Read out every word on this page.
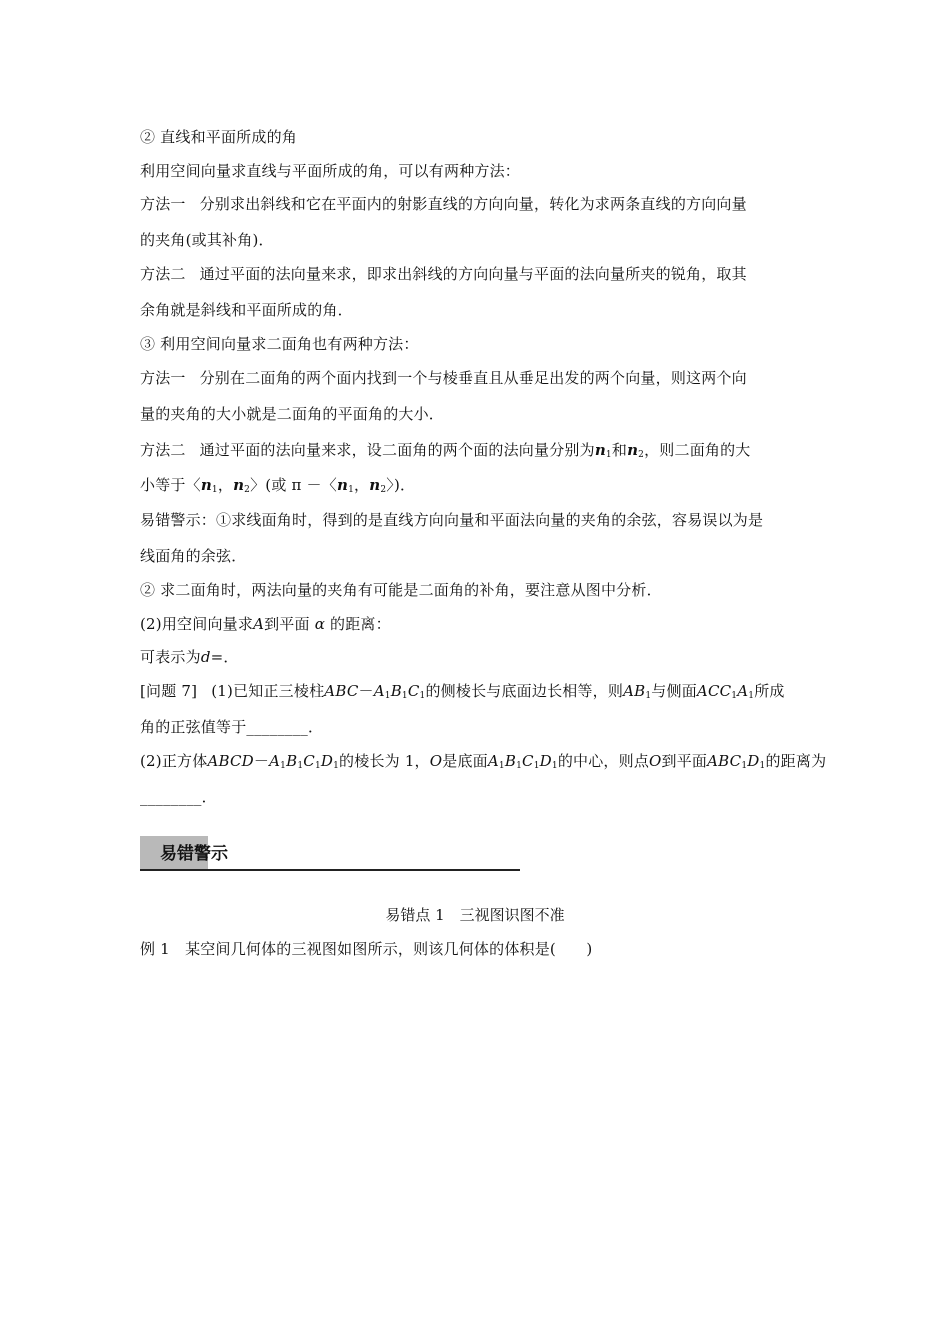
② 直线和平面所成的角
利用空间向量求直线与平面所成的角，可以有两种方法：
方法一 分别求出斜线和它在平面内的射影直线的方向向量，转化为求两条直线的方向向量
的夹角(或其补角)．
方法二 通过平面的法向量来求，即求出斜线的方向向量与平面的法向量所夹的锐角，取其
余角就是斜线和平面所成的角．
③ 利用空间向量求二面角也有两种方法：
方法一 分别在二面角的两个面内找到一个与棱垂直且从垂足出发的两个向量，则这两个向
量的夹角的大小就是二面角的平面角的大小．
方法二 通过平面的法向量来求，设二面角的两个面的法向量分别为$n_1$和$n_2$，则二面角的大
小等于〈$n_1$，$n_2$〉(或 π －〈$n_1$，$n_2$〉)．
易错警示：①求线面角时，得到的是直线方向向量和平面法向量的夹角的余弦，容易误以为是
线面角的余弦．
② 求二面角时，两法向量的夹角有可能是二面角的补角，要注意从图中分析．
(2)用空间向量求A到平面 α 的距离：
可表示为d=．
[问题 7] (1)已知正三棱柱$ABC-A_1B_1C_1$的侧棱长与底面边长相等，则$AB_1$与侧面$ACC_1A_1$所成
角的正弦值等于________．
(2)正方体$ABCD-A_1B_1C_1D_1$的棱长为 1，O是底面$A_1B_1C_1D_1$的中心，则点O到平面$ABC_1D_1$的距离为
________．
易错警示
易错点 1　三视图识图不准
例 1　某空间几何体的三视图如图所示，则该几何体的体积是(　　)
